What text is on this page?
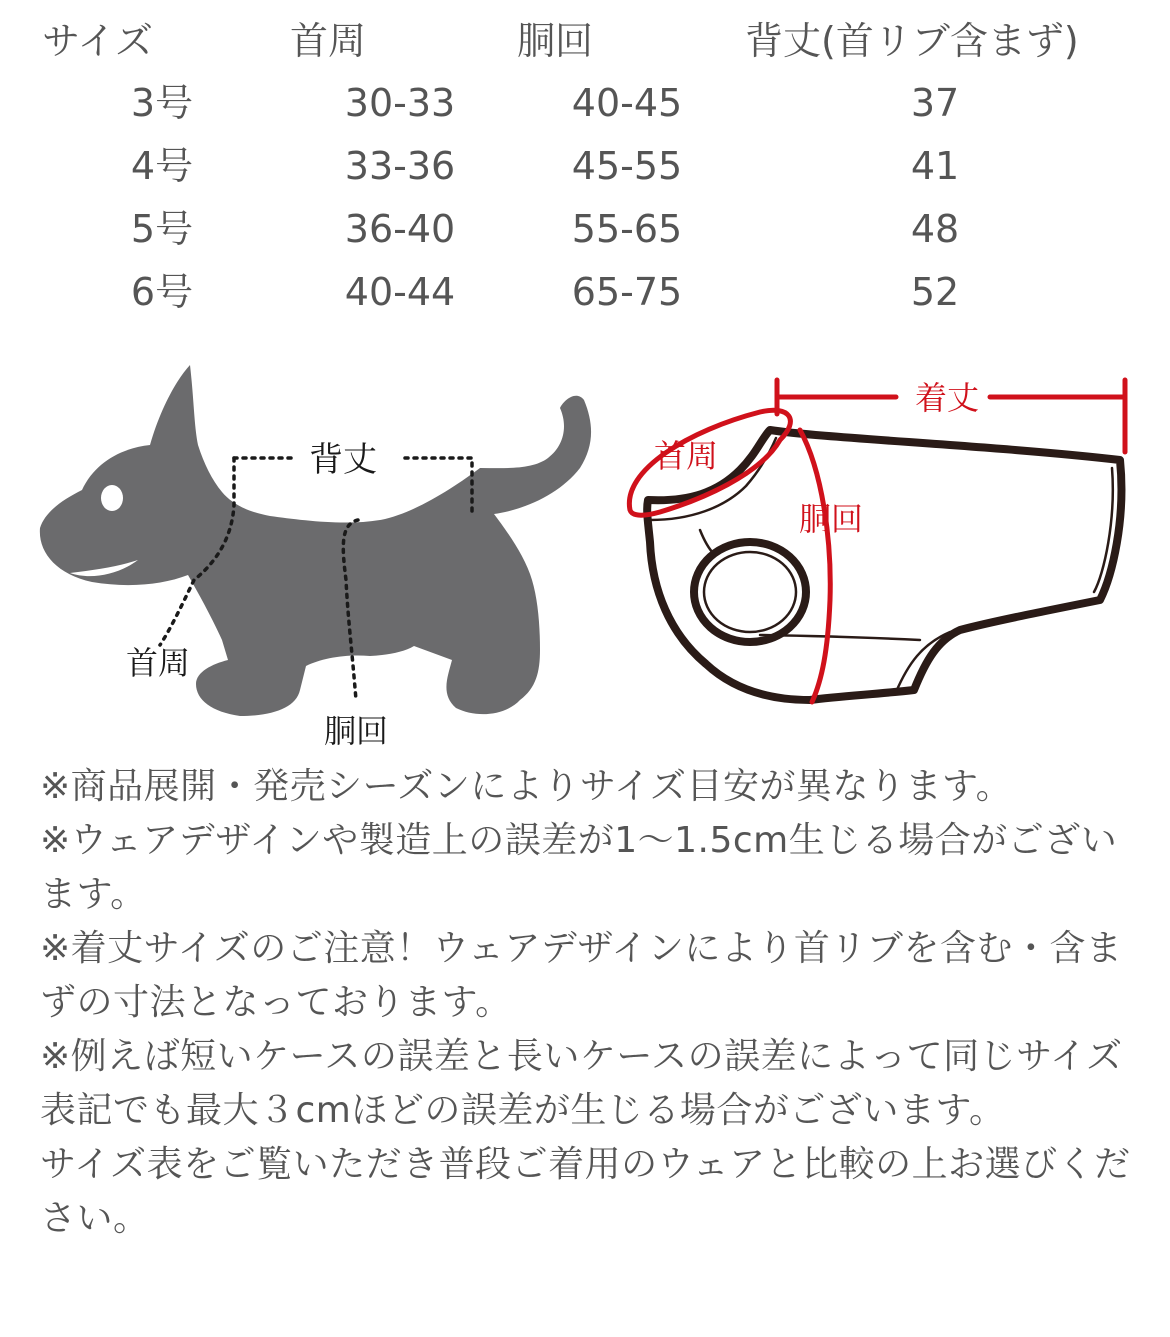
サイズ	首周	胴回	背丈(首リブ含まず)
3号	30-33	40-45	37
4号	33-36	45-55	41
5号	36-40	55-65	48
6号	40-44	65-75	52
背丈
首周
胴回
着丈
首周
胴回
※商品展開・発売シーズンによりサイズ目安が異なります。
※ウェアデザインや製造上の誤差が1〜1.5cm生じる場合がございます。
※着丈サイズのご注意！ウェアデザインにより首リブを含む・含まずの寸法となっております。
※例えば短いケースの誤差と長いケースの誤差によって同じサイズ表記でも最大３cmほどの誤差が生じる場合がございます。
サイズ表をご覧いただき普段ご着用のウェアと比較の上お選びください。
